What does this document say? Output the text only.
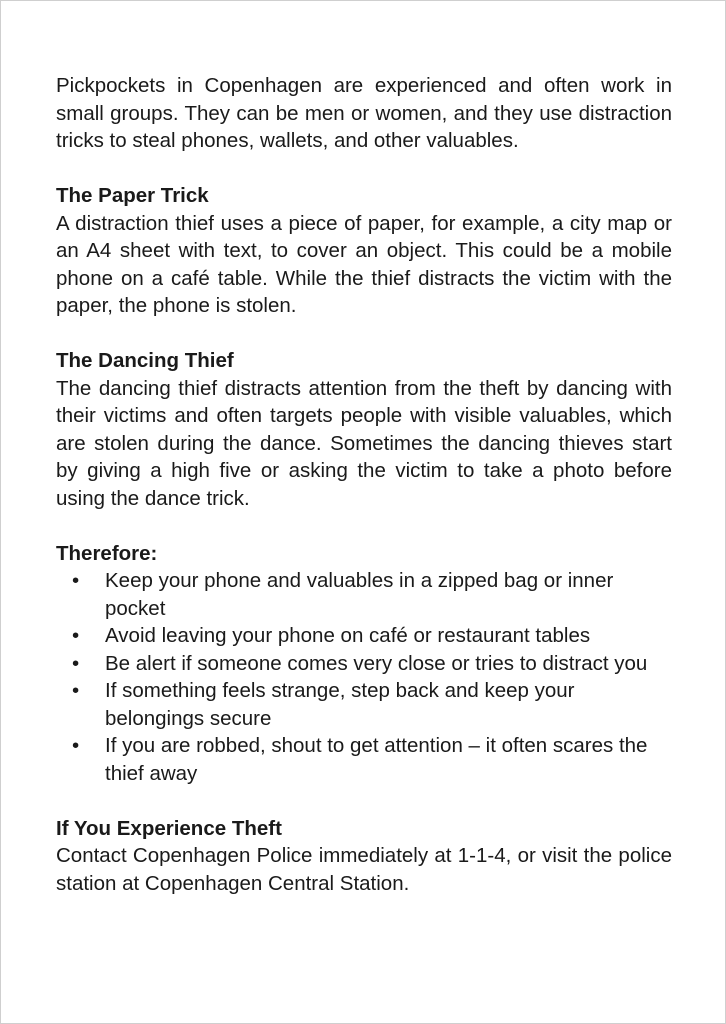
Pickpockets in Copenhagen are experienced and often work in small groups. They can be men or women, and they use distraction tricks to steal phones, wallets, and other valuables.

The Paper Trick

A distraction thief uses a piece of paper, for example, a city map or an A4 sheet with text, to cover an object. This could be a mobile phone on a café table. While the thief distracts the victim with the paper, the phone is stolen.

The Dancing Thief

The dancing thief distracts attention from the theft by dancing with their victims and often targets people with visible valuables, which are stolen during the dance. Sometimes the dancing thieves start by giving a high five or asking the victim to take a photo before using the dance trick.

Therefore:

• Keep your phone and valuables in a zipped bag or inner pocket
• Avoid leaving your phone on café or restaurant tables
• Be alert if someone comes very close or tries to distract you
• If something feels strange, step back and keep your belongings secure
• If you are robbed, shout to get attention – it often scares the thief away

If You Experience Theft

Contact Copenhagen Police immediately at 1-1-4, or visit the police station at Copenhagen Central Station.
